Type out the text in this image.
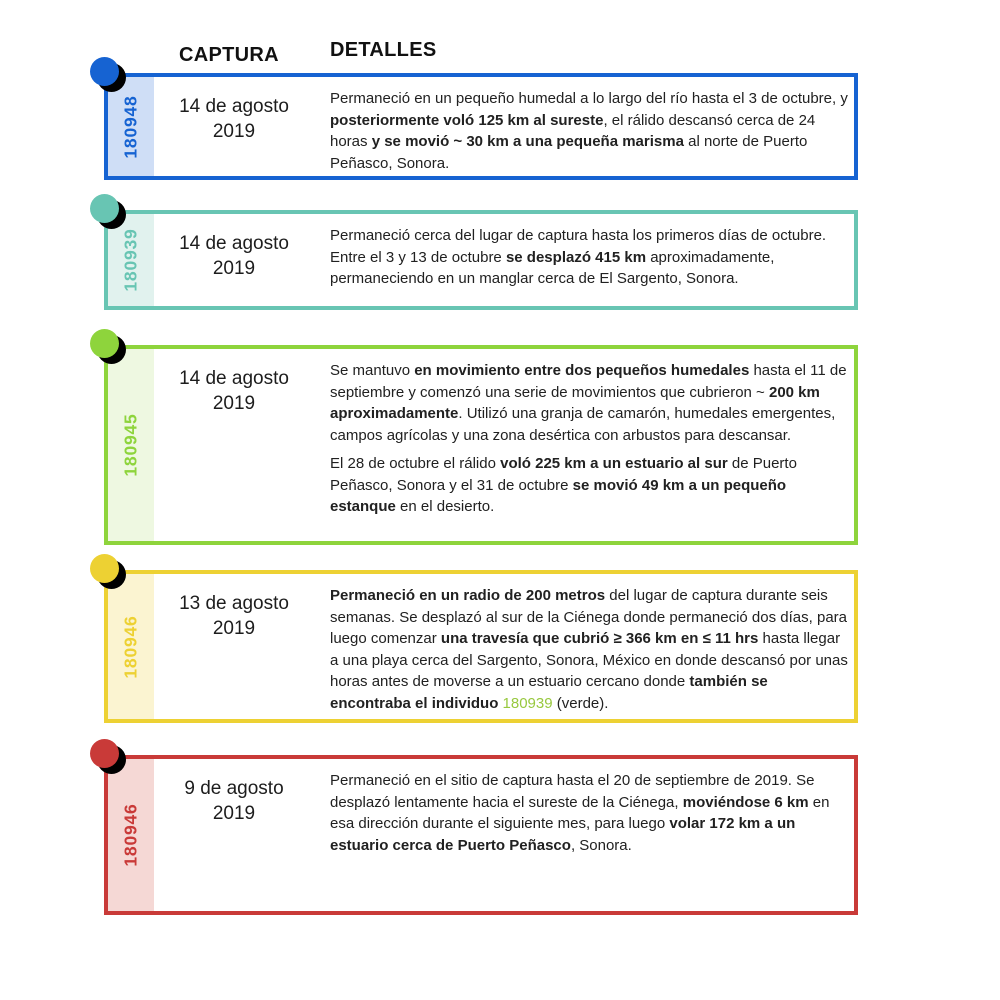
CAPTURA	DETALLES
180948	14 de agosto
2019

Permaneció en un pequeño humedal a lo largo del río hasta el 3 de octubre, y posteriormente voló 125 km al sureste, el rálido descansó cerca de 24 horas y se movió ~ 30 km a una pequeña marisma al norte de Puerto Peñasco, Sonora.

180939	14 de agosto
2019

Permaneció cerca del lugar de captura hasta los primeros días de octubre. Entre el 3 y 13 de octubre se desplazó 415 km aproximadamente, permaneciendo en un manglar cerca de El Sargento, Sonora.

180945
14 de agosto
2019

Se mantuvo en movimiento entre dos pequeños humedales hasta el 11 de septiembre y comenzó una serie de movimientos que cubrieron ~ 200 km aproximadamente. Utilizó una granja de camarón, humedales emergentes, campos agrícolas y una zona desértica con arbustos para descansar.

El 28 de octubre el rálido voló 225 km a un estuario al sur de Puerto Peñasco, Sonora y el 31 de octubre se movió 49 km a un pequeño estanque en el desierto.

180946
13 de agosto
2019

Permaneció en un radio de 200 metros del lugar de captura durante seis semanas. Se desplazó al sur de la Ciénega donde permaneció dos días, para luego comenzar una travesía que cubrió ≥ 366 km en ≤ 11 hrs hasta llegar a una playa cerca del Sargento, Sonora, México en donde descansó por unas horas antes de moverse a un estuario cercano donde también se encontraba el individuo 180939 (verde).

180946
9 de agosto
2019

Permaneció en el sitio de captura hasta el 20 de septiembre de 2019. Se desplazó lentamente hacia el sureste de la Ciénega, moviéndose 6 km en esa dirección durante el siguiente mes, para luego volar 172 km a un estuario cerca de Puerto Peñasco, Sonora.
